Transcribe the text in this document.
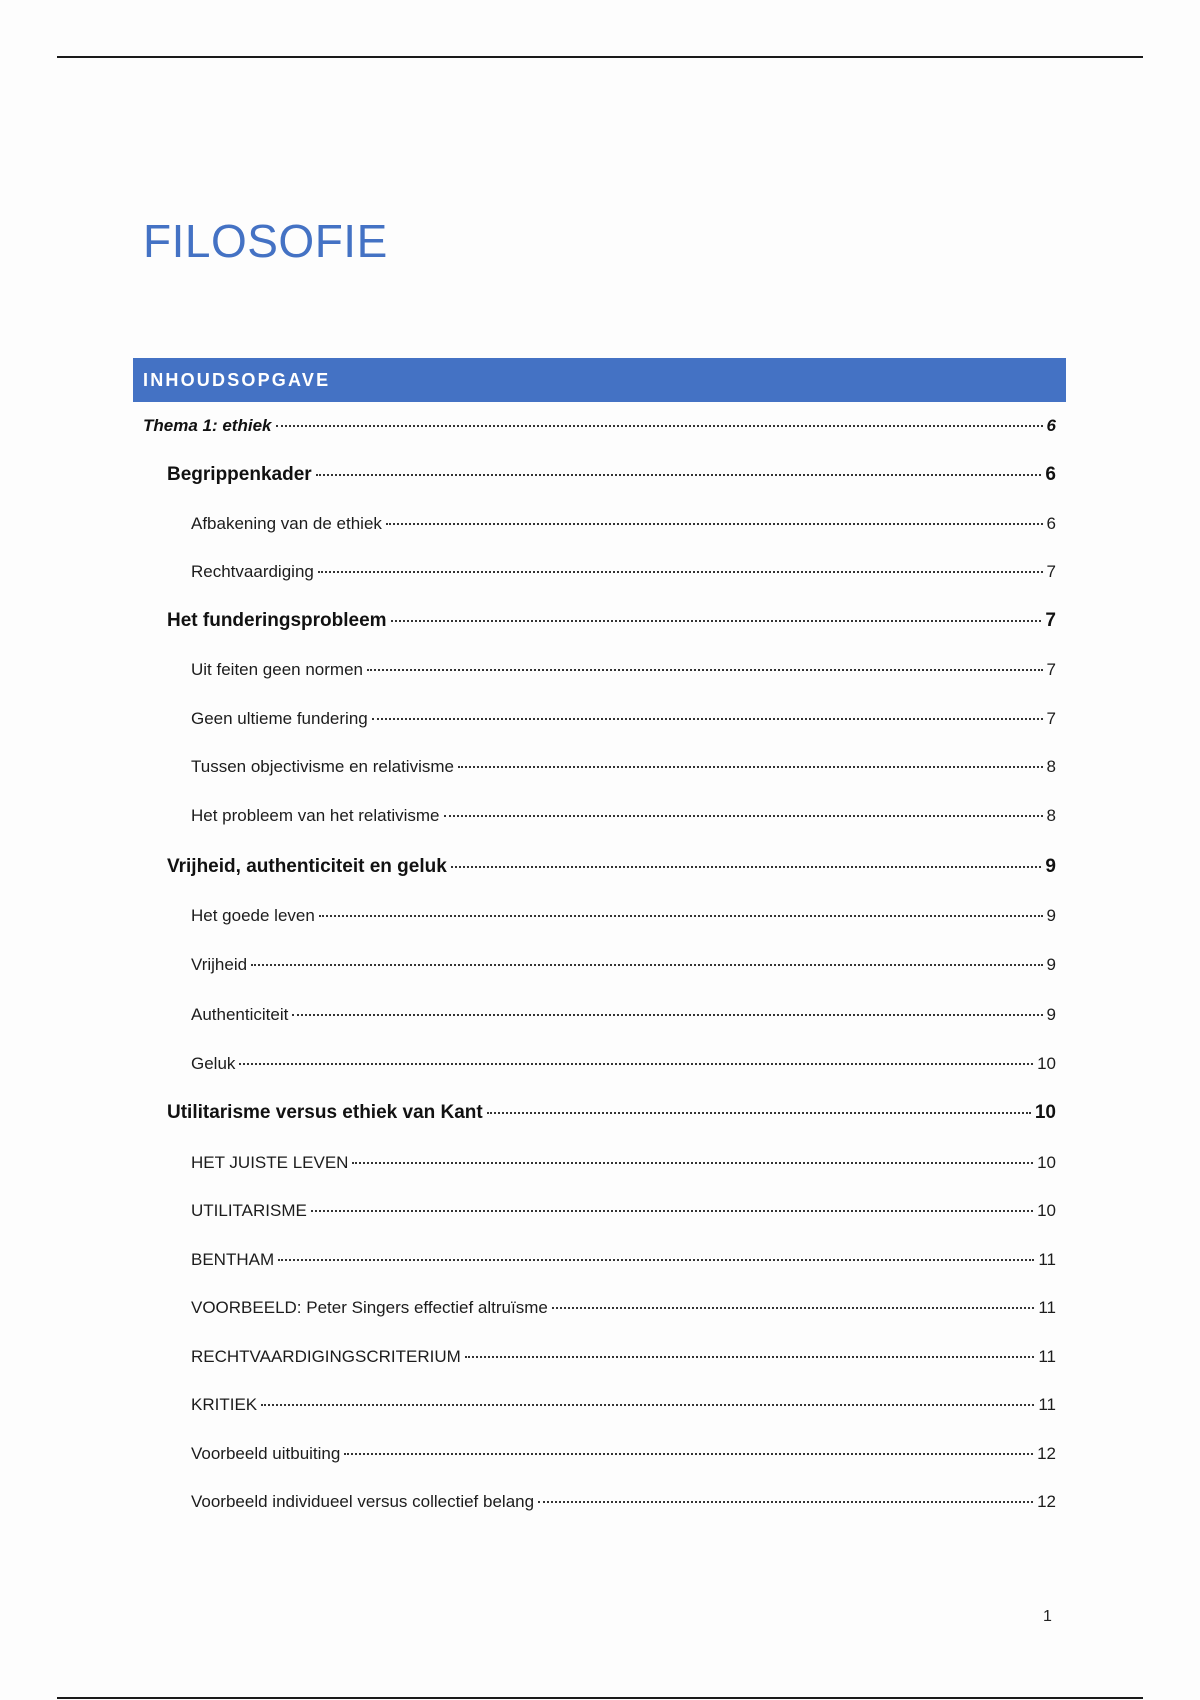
FILOSOFIE
INHOUDSOPGAVE
Thema 1: ethiek	6
Begrippenkader	6
Afbakening van de ethiek	6
Rechtvaardiging	7
Het funderingsprobleem	7
Uit feiten geen normen	7
Geen ultieme fundering	7
Tussen objectivisme en relativisme	8
Het probleem van het relativisme	8
Vrijheid, authenticiteit en geluk	9
Het goede leven	9
Vrijheid	9
Authenticiteit	9
Geluk	10
Utilitarisme versus ethiek van Kant	10
HET JUISTE LEVEN	10
UTILITARISME	10
BENTHAM	11
VOORBEELD: Peter Singers effectief altruïsme	11
RECHTVAARDIGINGSCRITERIUM	11
KRITIEK	11
Voorbeeld uitbuiting	12
Voorbeeld individueel versus collectief belang	12
1
